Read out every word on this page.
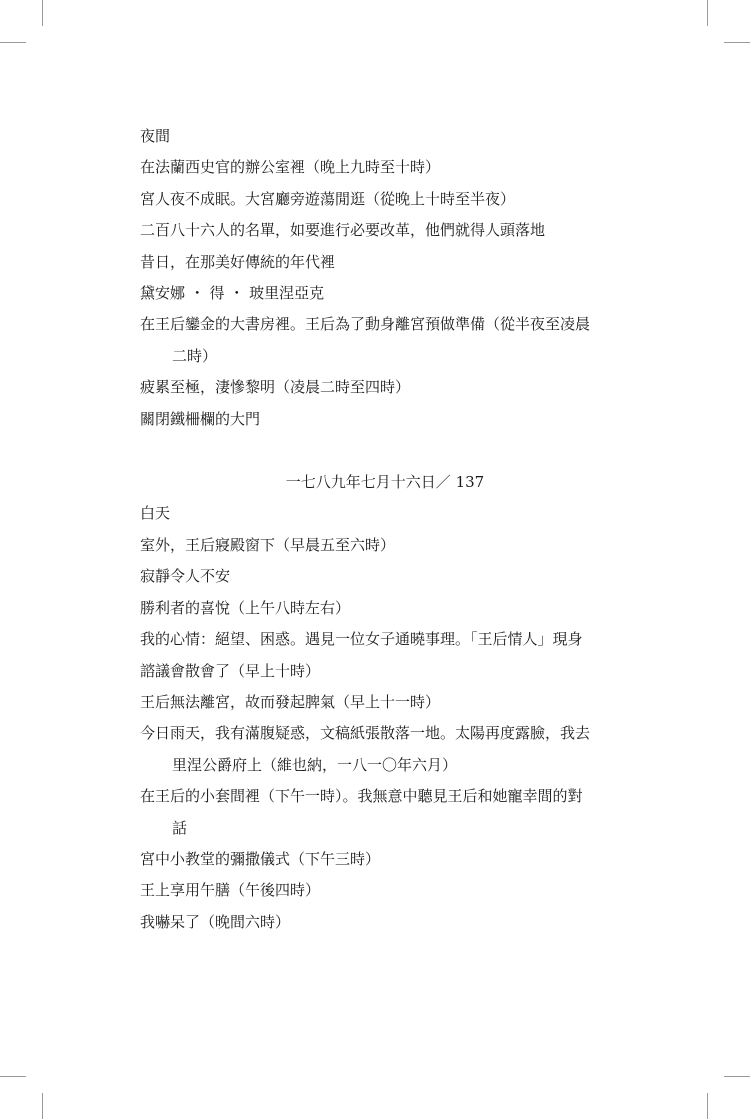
夜間
在法蘭西史官的辦公室裡（晚上九時至十時）
宮人夜不成眠。大宮廳旁遊蕩閒逛（從晚上十時至半夜）
二百八十六人的名單，如要進行必要改革，他們就得人頭落地
昔日，在那美好傳統的年代裡
黛安娜 ・ 得 ・ 玻里涅亞克
在王后鑾金的大書房裡。王后為了動身離宮預做準備（從半夜至凌晨
二時）
疲累至極，淒慘黎明（凌晨二時至四時）
關閉鐵柵欄的大門
一七八九年七月十六日／ 137
白天
室外，王后寢殿窗下（早晨五至六時）
寂靜令人不安
勝利者的喜悅（上午八時左右）
我的心情：絕望、困惑。遇見一位女子通曉事理。「王后情人」現身
諮議會散會了（早上十時）
王后無法離宮，故而發起脾氣（早上十一時）
今日雨天，我有滿腹疑惑，文稿紙張散落一地。太陽再度露臉，我去
里涅公爵府上（維也納，一八一〇年六月）
在王后的小套間裡（下午一時）。我無意中聽見王后和她寵幸間的對
話
宮中小教堂的彌撒儀式（下午三時）
王上享用午膳（午後四時）
我嚇呆了（晚間六時）
